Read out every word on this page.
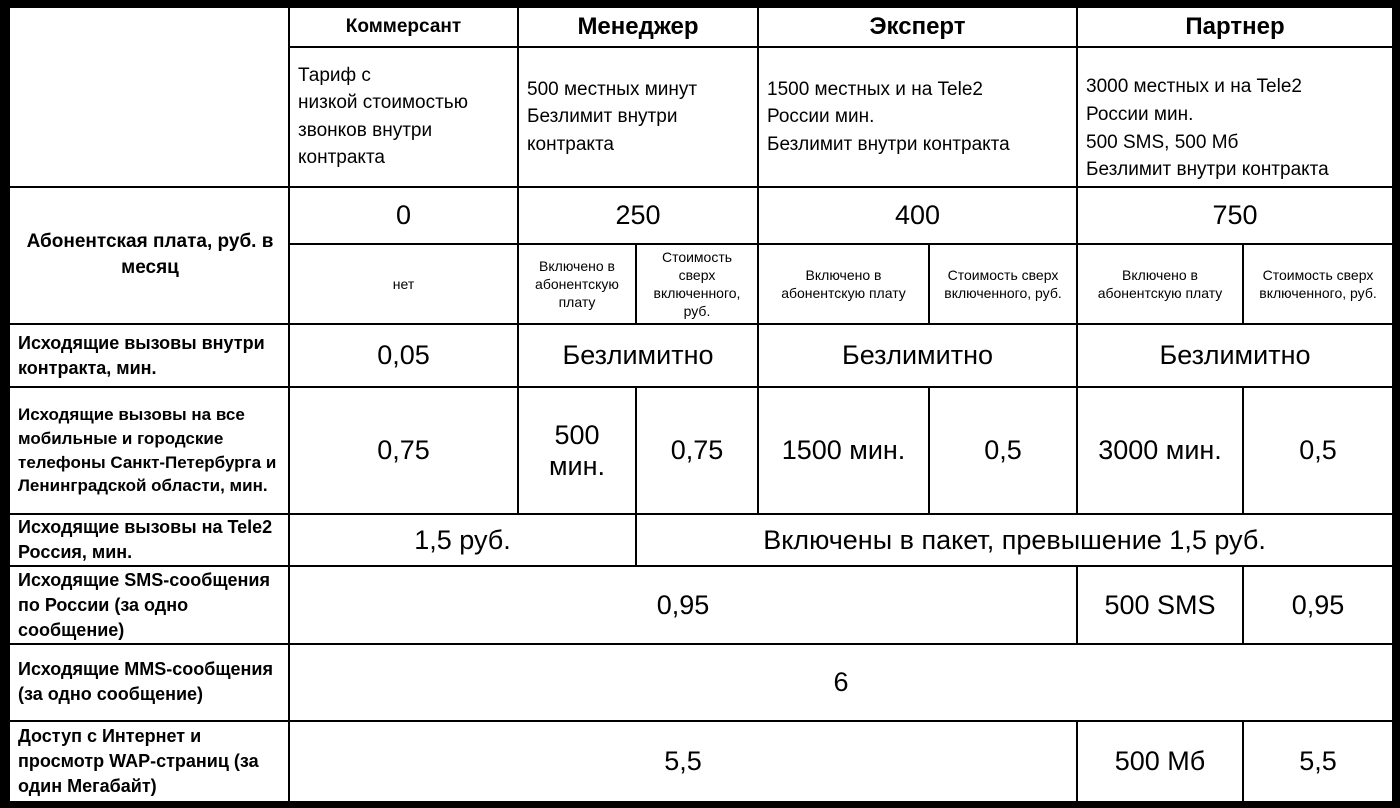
	Коммерсант	Менеджер		Эксперт		Партнер	
	Тариф с
низкой стоимостью
звонков внутри
контракта	500 местных минут
Безлимит внутри
контракта		1500 местных и на Tele2
России мин.
Безлимит внутри контракта		3000 местных и на Tele2
России мин.
500 SMS, 500 Мб
Безлимит внутри контракта	
Абонентская плата, руб. в месяц	0	250		400		750	
	нет	Включено в абонентскую плату	Стоимость сверх включенного, руб.	Включено в абонентскую плату	Стоимость сверх включенного, руб.	Включено в абонентскую плату	Стоимость сверх включенного, руб.
Исходящие вызовы внутри контракта, мин.	0,05	Безлимитно		Безлимитно		Безлимитно	
Исходящие вызовы на все мобильные и городские телефоны Санкт-Петербурга и Ленинградской области, мин.	0,75	500 мин.	0,75	1500 мин.	0,5	3000 мин.	0,5
Исходящие вызовы на Tele2 Россия, мин.	1,5 руб.		Включены в пакет, превышение 1,5 руб.				
Исходящие SMS-сообщения по России (за одно сообщение)	0,95					500 SMS	0,95
Исходящие MMS-сообщения
(за одно сообщение)	6						
Доступ с Интернет и просмотр WAP-страниц (за один Мегабайт)	5,5					500 Мб	5,5
